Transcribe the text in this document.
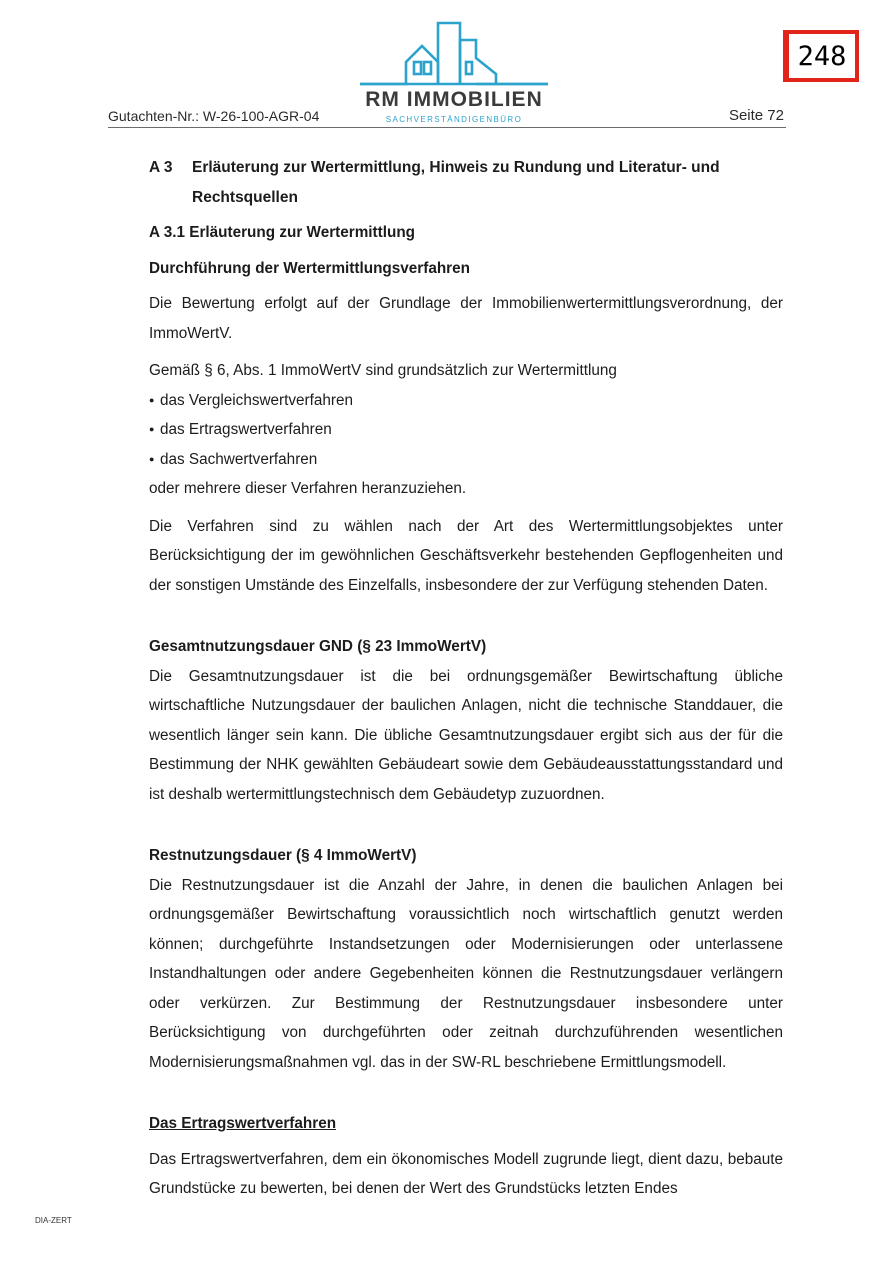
248
RM IMMOBILIEN
SACHVERSTÄNDIGENBÜRO
Gutachten-Nr.: W-26-100-AGR-04	Seite 72
A 3	Erläuterung zur Wertermittlung, Hinweis zu Rundung und Literatur- und
Rechtsquellen
A 3.1 Erläuterung zur Wertermittlung
Durchführung der Wertermittlungsverfahren

Die Bewertung erfolgt auf der Grundlage der Immobilienwertermittlungsverordnung, der ImmoWertV.

Gemäß § 6, Abs. 1 ImmoWertV sind grundsätzlich zur Wertermittlung

● das Vergleichswertverfahren
● das Ertragswertverfahren
● das Sachwertverfahren

oder mehrere dieser Verfahren heranzuziehen.

Die Verfahren sind zu wählen nach der Art des Wertermittlungsobjektes unter Berücksichtigung der im gewöhnlichen Geschäftsverkehr bestehenden Gepflogenheiten und der sonstigen Umstände des Einzelfalls, insbesondere der zur Verfügung stehenden Daten.

Gesamtnutzungsdauer GND (§ 23 ImmoWertV)

Die Gesamtnutzungsdauer ist die bei ordnungsgemäßer Bewirtschaftung übliche wirtschaftliche Nutzungsdauer der baulichen Anlagen, nicht die technische Standdauer, die wesentlich länger sein kann. Die übliche Gesamtnutzungsdauer ergibt sich aus der für die Bestimmung der NHK gewählten Gebäudeart sowie dem Gebäudeausstattungsstandard und ist deshalb wertermittlungstechnisch dem Gebäudetyp zuzuordnen.

Restnutzungsdauer (§ 4 ImmoWertV)

Die Restnutzungsdauer ist die Anzahl der Jahre, in denen die baulichen Anlagen bei ordnungsgemäßer Bewirtschaftung voraussichtlich noch wirtschaftlich genutzt werden können; durchgeführte Instandsetzungen oder Modernisierungen oder unterlassene Instandhaltungen oder andere Gegebenheiten können die Restnutzungsdauer verlängern oder verkürzen. Zur Bestimmung der Restnutzungsdauer insbesondere unter Berücksichtigung von durchgeführten oder zeitnah durchzuführenden wesentlichen Modernisierungsmaßnahmen vgl. das in der SW-RL beschriebene Ermittlungsmodell.

Das Ertragswertverfahren

Das Ertragswertverfahren, dem ein ökonomisches Modell zugrunde liegt, dient dazu, bebaute Grundstücke zu bewerten, bei denen der Wert des Grundstücks letzten Endes

DIA-ZERT
